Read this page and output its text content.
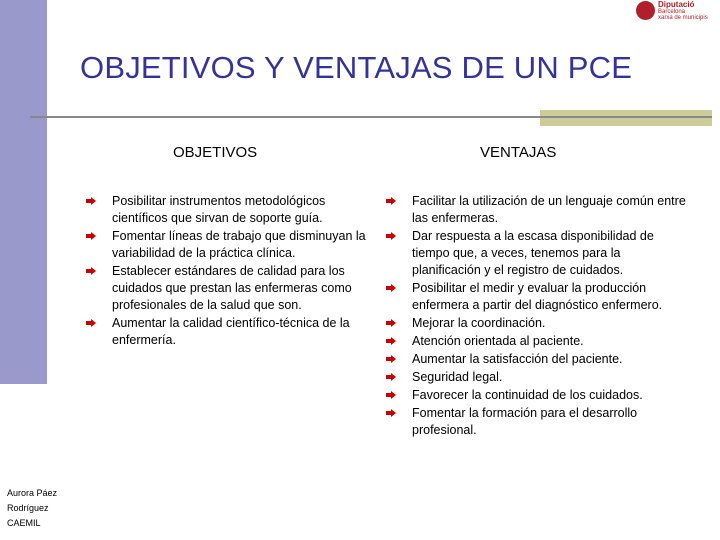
Diputació
Barcelona
xarxa de municipis
OBJETIVOS Y VENTAJAS DE UN PCE
OBJETIVOS	VENTAJAS
Posibilitar instrumentos metodológicos científicos que sirvan de soporte guía.
Fomentar líneas de trabajo que disminuyan la variabilidad de la práctica clínica.
Establecer estándares de calidad para los cuidados que prestan las enfermeras como profesionales de la salud que son.
Aumentar la calidad científico-técnica de la enfermería.
Facilitar la utilización de un lenguaje común entre las enfermeras.
Dar respuesta a la escasa disponibilidad de tiempo que, a veces, tenemos para la planificación y el registro de cuidados.
Posibilitar el medir y evaluar la producción enfermera a partir del diagnóstico enfermero.
Mejorar la coordinación.
Atención orientada al paciente.
Aumentar la satisfacción del paciente.
Seguridad legal.
Favorecer la continuidad de los cuidados.
Fomentar la formación para el desarrollo profesional.
Aurora Páez
Rodríguez
CAEMIL
